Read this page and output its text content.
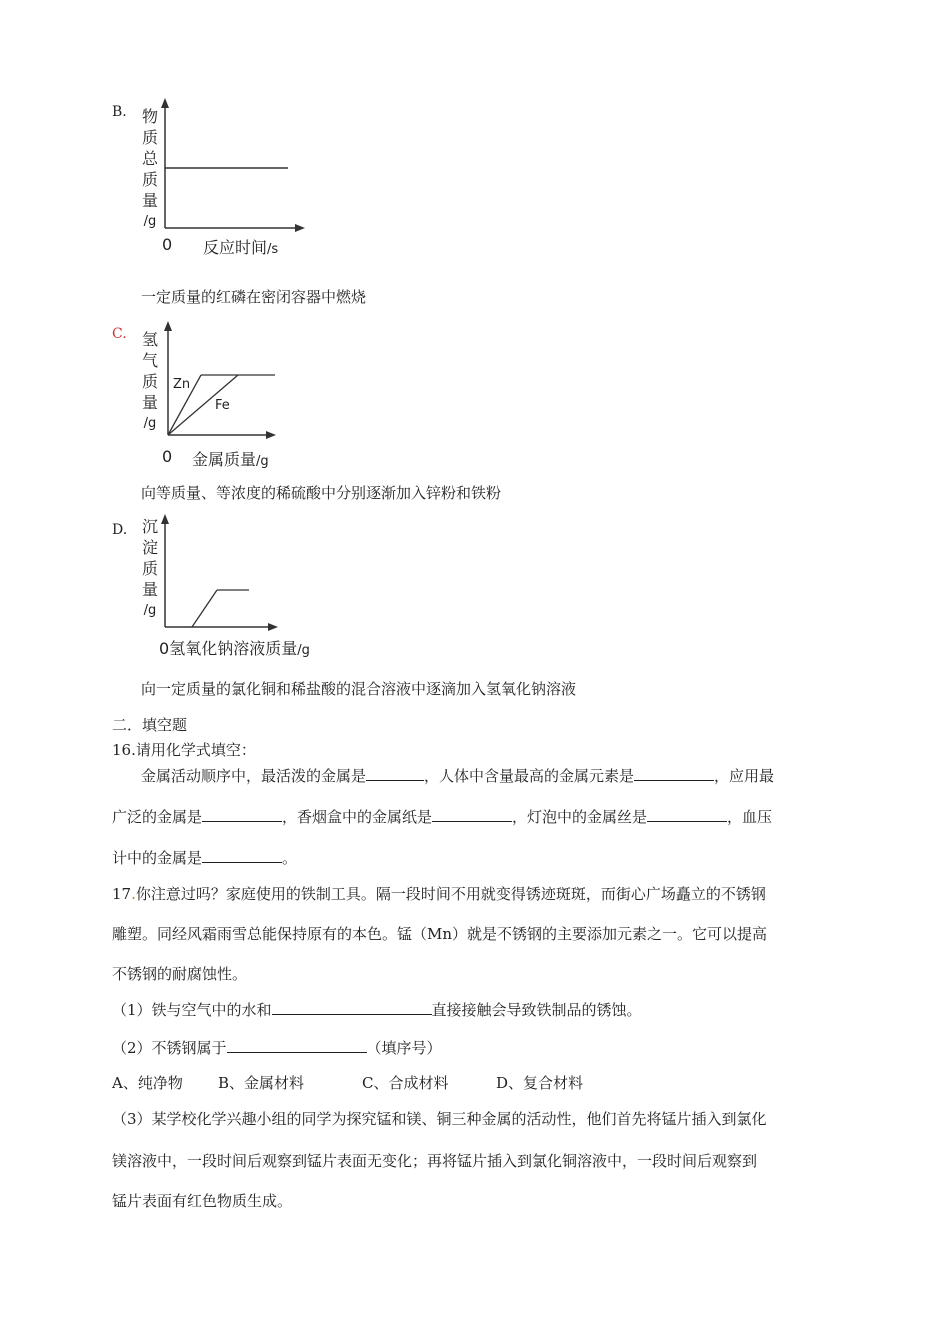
B. 物
质
总
质
量
/g
0 反应时间/s
一定质量的红磷在密闭容器中燃烧
C. 氢
气
质
量
/g
Zn
Fe
0 金属质量/g
向等质量、等浓度的稀硫酸中分别逐渐加入锌粉和铁粉
D. 沉
淀
质
量
/g
0氢氧化钠溶液质量/g
向一定质量的氯化铜和稀盐酸的混合溶液中逐滴加入氢氧化钠溶液
二．填空题
16.请用化学式填空：
金属活动顺序中，最活泼的金属是	，人体中含量最高的金属元素是	，应用最
广泛的金属是	，香烟盒中的金属纸是	，灯泡中的金属丝是	，血压
计中的金属是	。
17.你注意过吗？家庭使用的铁制工具。隔一段时间不用就变得锈迹斑斑，而街心广场矗立的不锈钢
雕塑。同经风霜雨雪总能保持原有的本色。锰（Mn）就是不锈钢的主要添加元素之一。它可以提高
不锈钢的耐腐蚀性。
（1）铁与空气中的水和	直接接触会导致铁制品的锈蚀。
（2）不锈钢属于	（填序号）
A、纯净物 B、金属材料	C、合成材料	D、复合材料
（3）某学校化学兴趣小组的同学为探究锰和镁、铜三种金属的活动性，他们首先将锰片插入到氯化
镁溶液中，一段时间后观察到锰片表面无变化；再将锰片插入到氯化铜溶液中，一段时间后观察到
锰片表面有红色物质生成。
